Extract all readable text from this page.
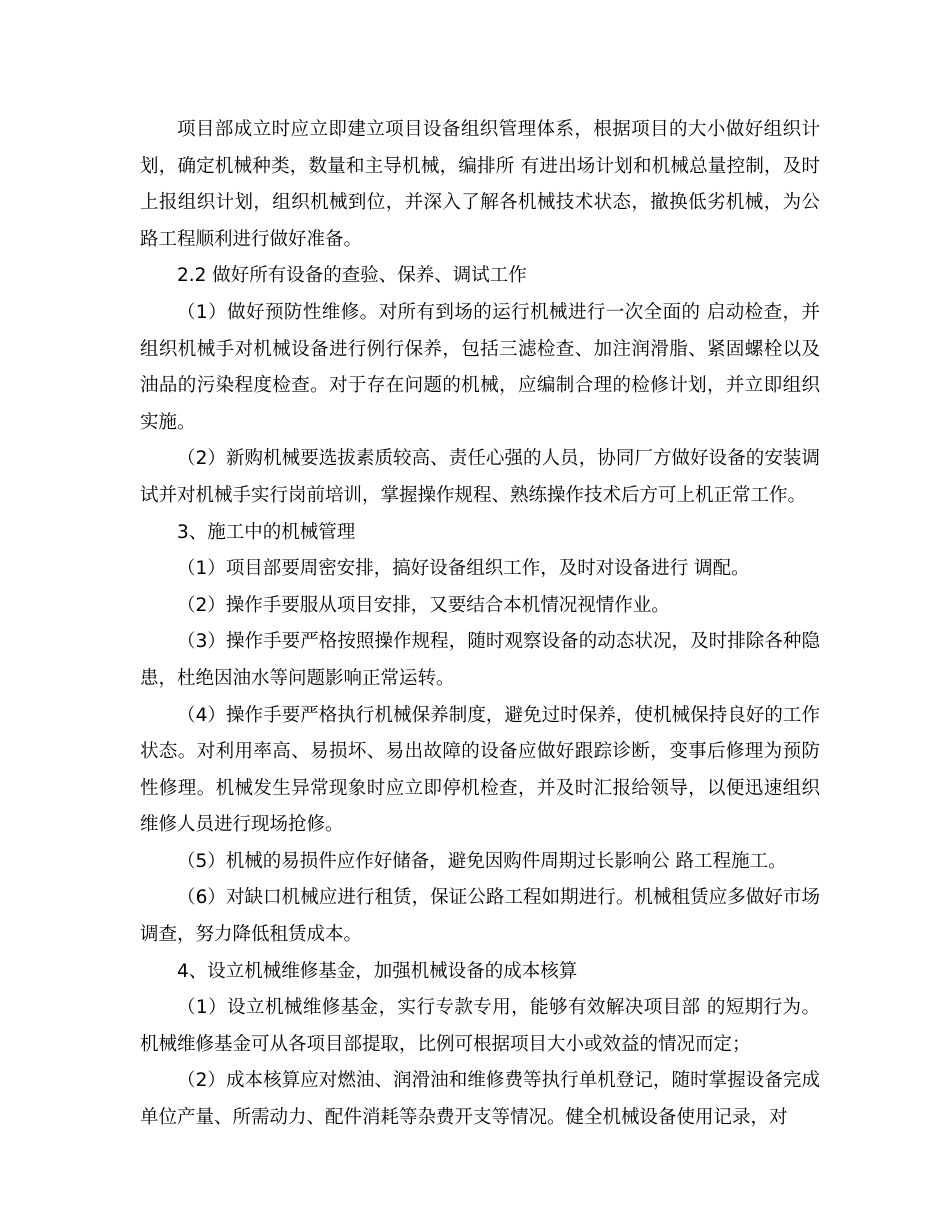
项目部成立时应立即建立项目设备组织管理体系，根据项目的大小做好组织计划，确定机械种类，数量和主导机械，编排所 有进出场计划和机械总量控制，及时上报组织计划，组织机械到位，并深入了解各机械技术状态，撤换低劣机械，为公路工程顺利进行做好准备。

2.2 做好所有设备的查验、保养、调试工作

（1）做好预防性维修。对所有到场的运行机械进行一次全面的 启动检查，并组织机械手对机械设备进行例行保养，包括三滤检查、加注润滑脂、紧固螺栓以及油品的污染程度检查。对于存在问题的机械，应编制合理的检修计划，并立即组织实施。

（2）新购机械要选拔素质较高、责任心强的人员，协同厂方做好设备的安装调试并对机械手实行岗前培训，掌握操作规程、熟练操作技术后方可上机正常工作。

3、施工中的机械管理

（1）项目部要周密安排，搞好设备组织工作，及时对设备进行 调配。

（2）操作手要服从项目安排，又要结合本机情况视情作业。

（3）操作手要严格按照操作规程，随时观察设备的动态状况，及时排除各种隐患，杜绝因油水等问题影响正常运转。

（4）操作手要严格执行机械保养制度，避免过时保养，使机械保持良好的工作状态。对利用率高、易损坏、易出故障的设备应做好跟踪诊断，变事后修理为预防性修理。机械发生异常现象时应立即停机检查，并及时汇报给领导，以便迅速组织维修人员进行现场抢修。

（5）机械的易损件应作好储备，避免因购件周期过长影响公 路工程施工。

（6）对缺口机械应进行租赁，保证公路工程如期进行。机械租赁应多做好市场调查，努力降低租赁成本。

4、设立机械维修基金，加强机械设备的成本核算

（1）设立机械维修基金，实行专款专用，能够有效解决项目部 的短期行为。机械维修基金可从各项目部提取，比例可根据项目大小或效益的情况而定；

（2）成本核算应对燃油、润滑油和维修费等执行单机登记，随时掌握设备完成单位产量、所需动力、配件消耗等杂费开支等情况。健全机械设备使用记录，对
